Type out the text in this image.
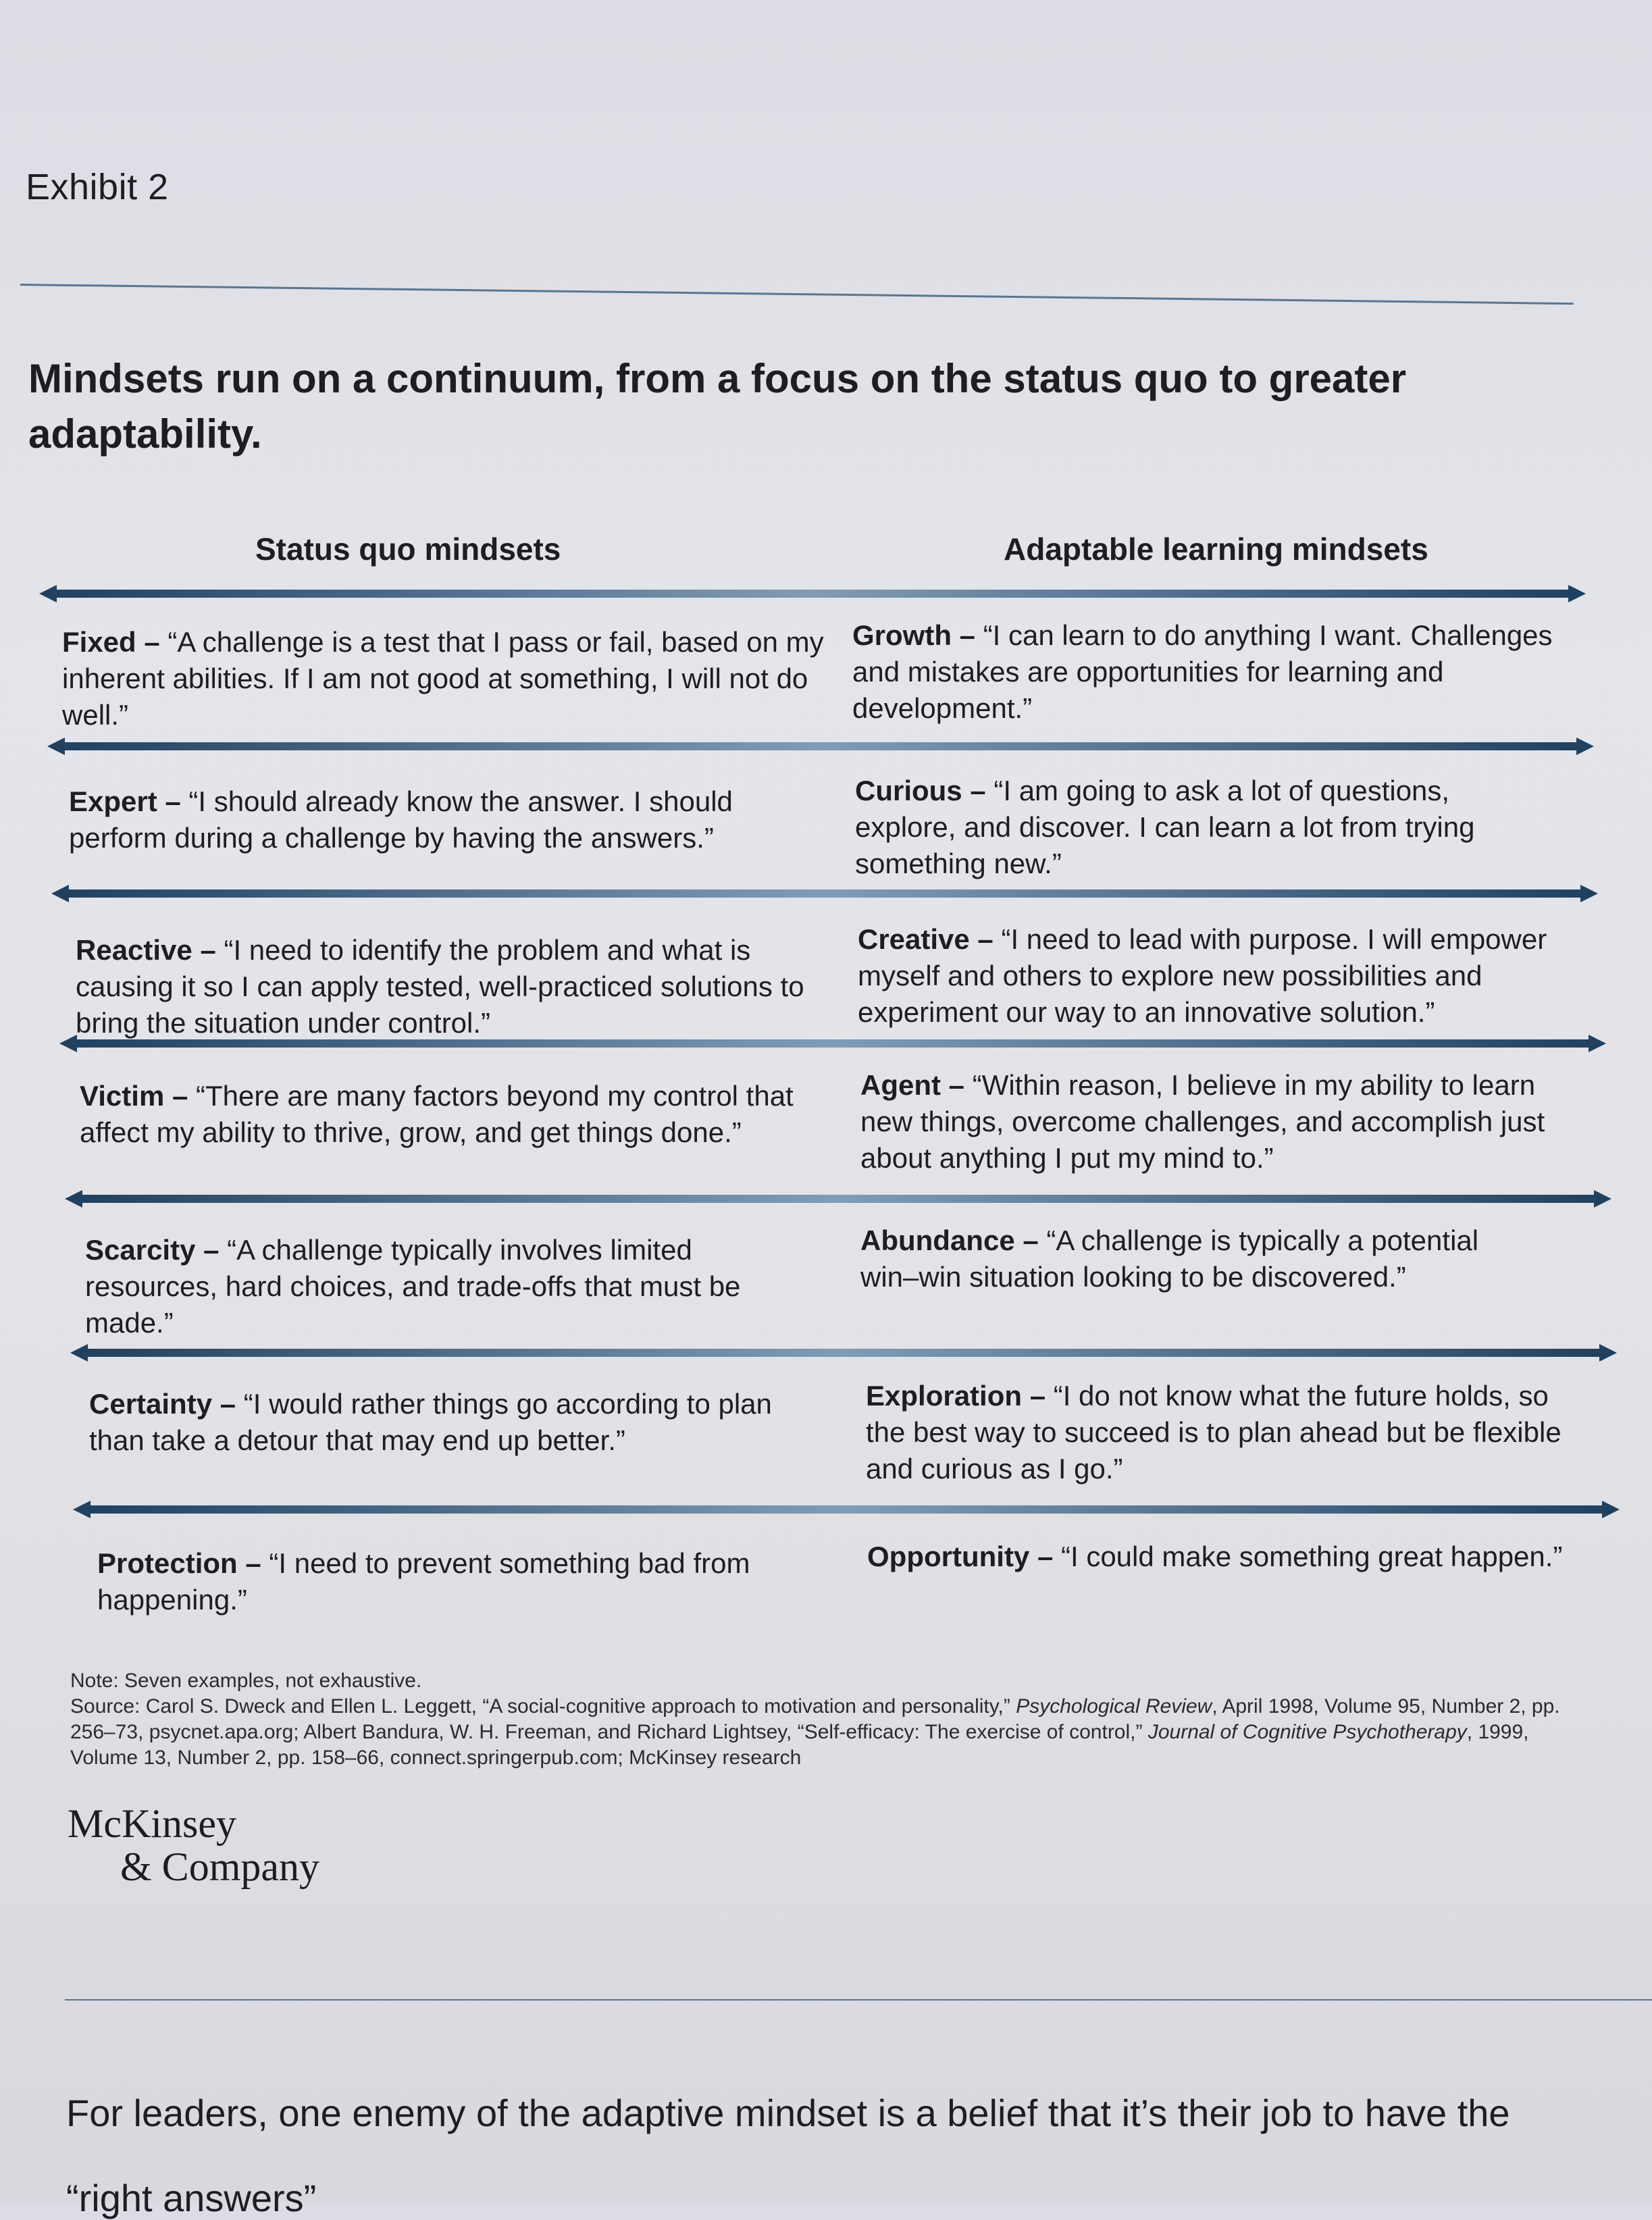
Exhibit 2
Mindsets run on a continuum, from a focus on the status quo to greater adaptability.
Status quo mindsets	Adaptable learning mindsets
Fixed – “A challenge is a test that I pass or fail, based on my inherent abilities. If I am not good at something, I will not do well.”
Growth – “I can learn to do anything I want. Challenges and mistakes are opportunities for learning and development.”
Expert – “I should already know the answer. I should perform during a challenge by having the answers.”
Curious – “I am going to ask a lot of questions, explore, and discover. I can learn a lot from trying something new.”
Reactive – “I need to identify the problem and what is causing it so I can apply tested, well-practiced solutions to bring the situation under control.”
Creative – “I need to lead with purpose. I will empower myself and others to explore new possibilities and experiment our way to an innovative solution.”
Victim – “There are many factors beyond my control that affect my ability to thrive, grow, and get things done.”
Agent – “Within reason, I believe in my ability to learn new things, overcome challenges, and accomplish just about anything I put my mind to.”
Scarcity – “A challenge typically involves limited resources, hard choices, and trade-offs that must be made.”
Abundance – “A challenge is typically a potential win–win situation looking to be discovered.”
Certainty – “I would rather things go according to plan than take a detour that may end up better.”
Exploration – “I do not know what the future holds, so the best way to succeed is to plan ahead but be flexible and curious as I go.”
Protection – “I need to prevent something bad from happening.”
Opportunity – “I could make something great happen.”
Note: Seven examples, not exhaustive.
Source: Carol S. Dweck and Ellen L. Leggett, “A social-cognitive approach to motivation and personality,” Psychological Review, April 1998, Volume 95, Number 2, pp. 256–73, psycnet.apa.org; Albert Bandura, W. H. Freeman, and Richard Lightsey, “Self-efficacy: The exercise of control,” Journal of Cognitive Psychotherapy, 1999, Volume 13, Number 2, pp. 158–66, connect.springerpub.com; McKinsey research
McKinsey
& Company
For leaders, one enemy of the adaptive mindset is a belief that it’s their job to have the
“right answers”
